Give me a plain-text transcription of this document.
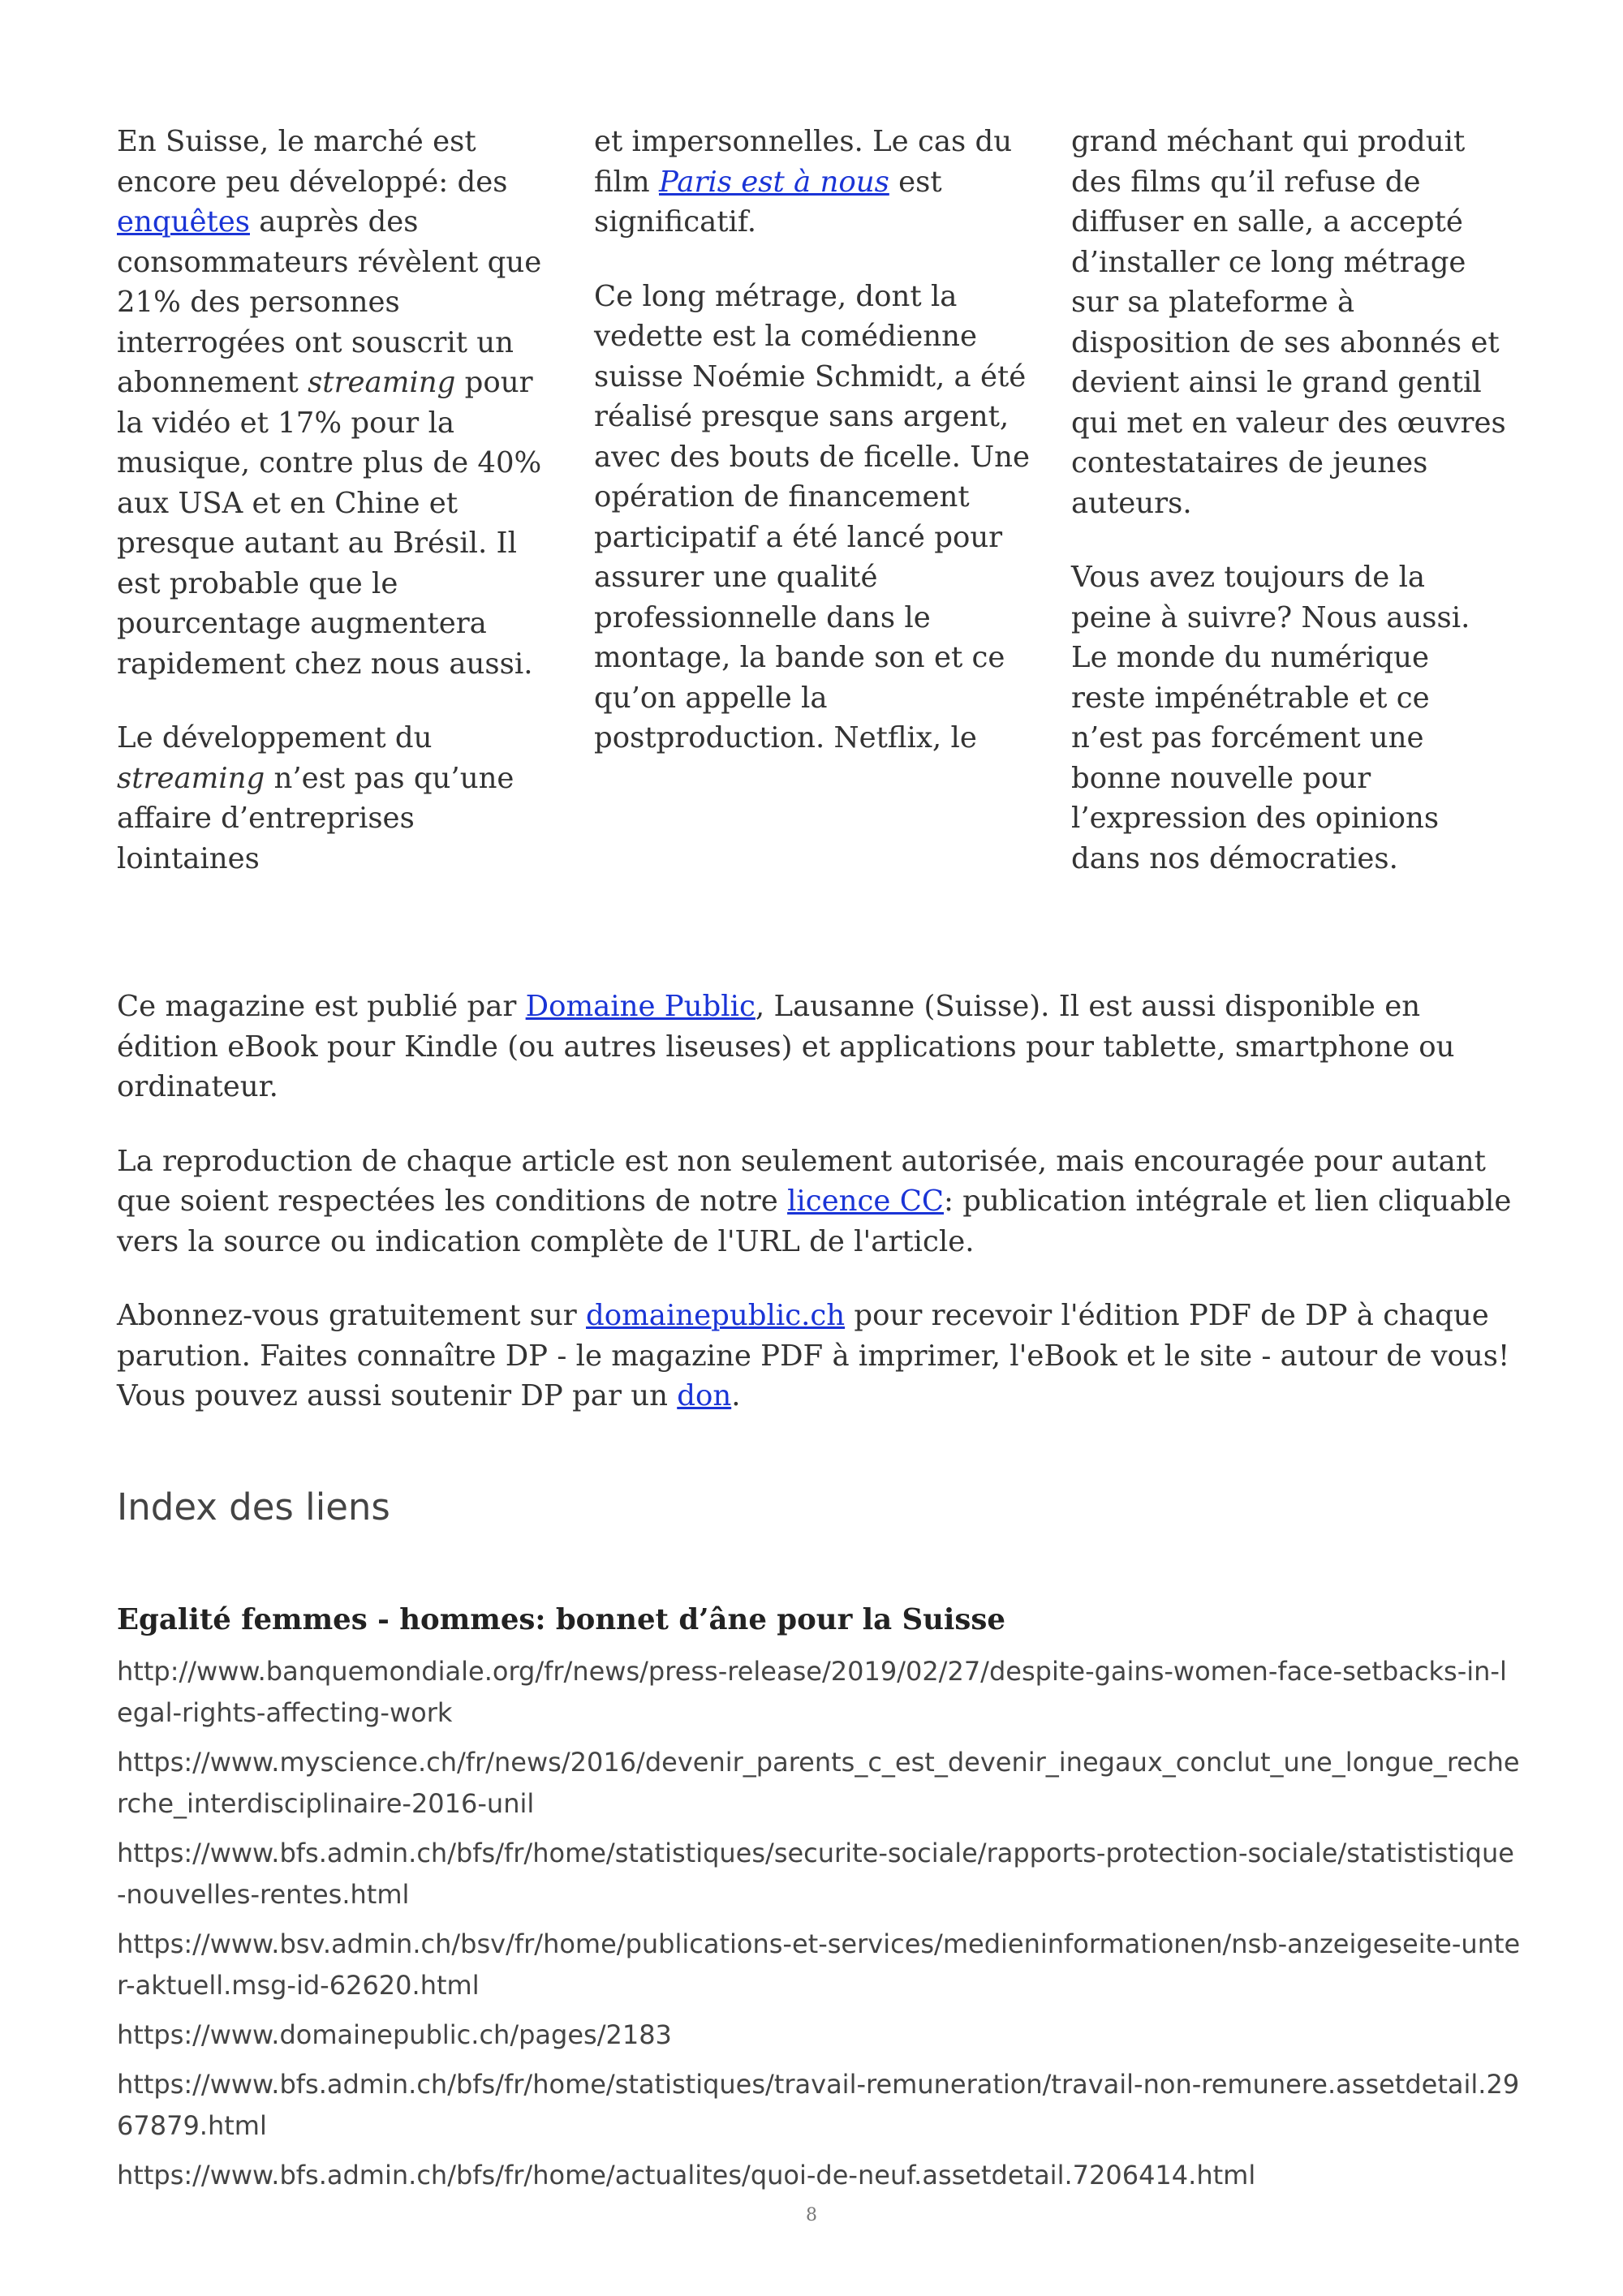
En Suisse, le marché est encore peu développé: des enquêtes auprès des consommateurs révèlent que 21% des personnes interrogées ont souscrit un abonnement streaming pour la vidéo et 17% pour la musique, contre plus de 40% aux USA et en Chine et presque autant au Brésil. Il est probable que le pourcentage augmentera rapidement chez nous aussi.

Le développement du streaming n’est pas qu’une affaire d’entreprises lointaines

et impersonnelles. Le cas du film Paris est à nous est significatif.

Ce long métrage, dont la vedette est la comédienne suisse Noémie Schmidt, a été réalisé presque sans argent, avec des bouts de ficelle. Une opération de financement participatif a été lancé pour assurer une qualité professionnelle dans le montage, la bande son et ce qu’on appelle la postproduction. Netflix, le

grand méchant qui produit des films qu’il refuse de diffuser en salle, a accepté d’installer ce long métrage sur sa plateforme à disposition de ses abonnés et devient ainsi le grand gentil qui met en valeur des œuvres contestataires de jeunes auteurs.

Vous avez toujours de la peine à suivre? Nous aussi. Le monde du numérique reste impénétrable et ce n’est pas forcément une bonne nouvelle pour l’expression des opinions dans nos démocraties.

Ce magazine est publié par Domaine Public, Lausanne (Suisse). Il est aussi disponible en édition eBook pour Kindle (ou autres liseuses) et applications pour tablette, smartphone ou ordinateur.

La reproduction de chaque article est non seulement autorisée, mais encouragée pour autant que soient respectées les conditions de notre licence CC: publication intégrale et lien cliquable vers la source ou indication complète de l'URL de l'article.

Abonnez-vous gratuitement sur domainepublic.ch pour recevoir l'édition PDF de DP à chaque parution. Faites connaître DP - le magazine PDF à imprimer, l'eBook et le site - autour de vous! Vous pouvez aussi soutenir DP par un don.

Index des liens
Egalité femmes - hommes: bonnet d’âne pour la Suisse
http://www.banquemondiale.org/fr/news/press-release/2019/02/27/despite-gains-women-face-setbacks-in-legal-rights-affecting-work
https://www.myscience.ch/fr/news/2016/devenir_parents_c_est_devenir_inegaux_conclut_une_longue_recherche_interdisciplinaire-2016-unil
https://www.bfs.admin.ch/bfs/fr/home/statistiques/securite-sociale/rapports-protection-sociale/statististique-nouvelles-rentes.html
https://www.bsv.admin.ch/bsv/fr/home/publications-et-services/medieninformationen/nsb-anzeigeseite-unter-aktuell.msg-id-62620.html
https://www.domainepublic.ch/pages/2183
https://www.bfs.admin.ch/bfs/fr/home/statistiques/travail-remuneration/travail-non-remunere.assetdetail.2967879.html
https://www.bfs.admin.ch/bfs/fr/home/actualites/quoi-de-neuf.assetdetail.7206414.html
8
